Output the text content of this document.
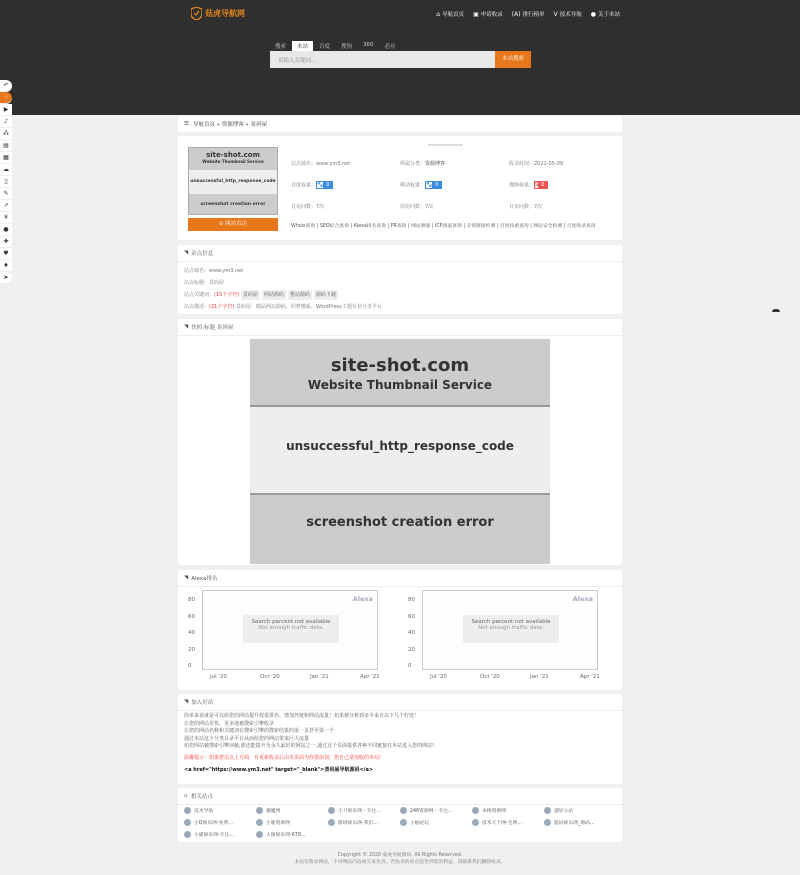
菇虎导航网	⌂ 导航首页 ▣ 申请收录 (A) 排行榜单 V 技术导航 ● 关于本站
搜索	本站	百度	搜狗	360	必应
请输入关键词...	本站搜索
↶
☝
▶
♪
⁂
▤
▦
☁
▯
✎
↗
¥
●
✚
♥
♦
➤
☰ 导航首页 » 资源博客 » 景码屋
site-shot.com
Website Thumbnail Service
unsuccessful_http_response_code
screenshot creation error
⊙ 网站直达
站点域名：www.ym3.net	所属分类：资源博客	收录时间：2021-05-09
百度权重：🐾 0	移动权重：🐾 0	搜狗权重：S 0
月访问数：7次	周访问数：7次	日访问数：7次
Whois查询 | SEO综合查询 | Alexa排名查询 | PR查询 | 网站测速 | ICP备案查询 | 友情链接检测 | 百度权重查询 | 网站安全检测 | 百度收录查询
◥ 站点信息
站点域名：www.ym3.net
站点标题：景码屋
站点关键词：(15个字符) 景码屋 网站源码 整站源码 源码下载
站点描述：(21个字符) 景码屋：精品网站源码、织梦模板、WordPress主题专业分享平台
◥ 快照:标题 景码屋
site-shot.com
Website Thumbnail Service
unsuccessful_http_response_code
screenshot creation error
◥ Alexa排名
Alexa
Search percent not available
Not enough traffic data.
0
20
40
60
80
Jul '20	Oct '20	Jan '21	Apr '21
Alexa
Search percent not available
Not enough traffic data.
0
20
40
60
80
Jul '20	Oct '20	Jan '21	Apr '21
◥ 加入好站
简单来说就是可以给您的网站提升权重排名、增加外链和网站流量！如果被分析到多少来自以下几个好处！
让您的网站更快、更多地被搜索引擎收录
让您的网站名称和关键词在搜索引擎的搜索结果的第一页甚至第一个
通过本站这个分类目录平台从而给您的网站带来巨大流量
如您网站被搜索引擎屏蔽,那也能提升为永久最好的网站之一,通过这个页面提供各种不同链接在本站进入您的网站!
温馨提示：如果您站点上方面，有更新收录后由本页面为你要添加，您自己请加收的本站!
<a href="https://www.ym3.net" target="_blank">景码屋导航源码</a>
∪ 相关站点
技术导航	趣魔网	小刀娱乐网 - 专注...	246资源网 - 专注...	本楼资源网	遇轩小站
小Q娱乐网-免费...	小鹿资源网	薇域娱乐网-我们...	小柚论坛	技术天下网-全网...	筵码娱乐网_源码...
小猫娱乐网-专注...	大图娱乐网-678...
Copyright © 2020 菇虎导航源码. All Rights Reserved.
本站仅收录网站，不对网站内容或交易负责。若收录的站点侵害到您的利益，请联系我们删除收录。
